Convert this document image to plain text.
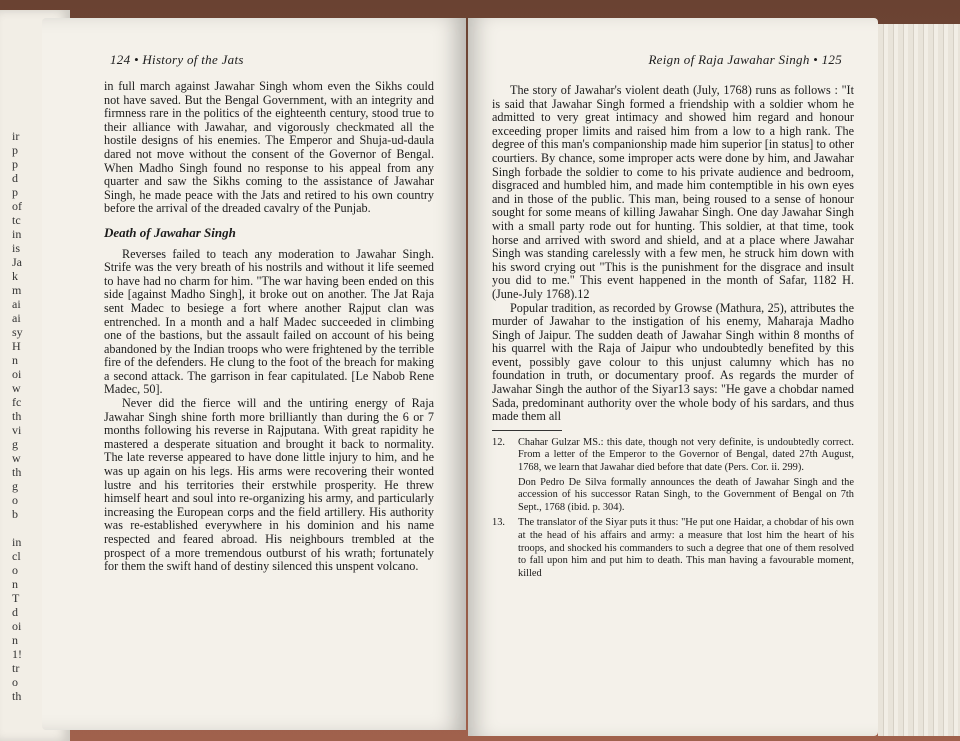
ir
p
p
d
p
of
tc
in
is
Ja
k
m
ai
ai
sy
H
n
oi
w
fc
th
vi
g
w
th
g
o
b
in
cl
o
n
T
d
oi
n
1!
tr
o
th
124 • History of the Jats

in full march against Jawahar Singh whom even the Sikhs could not have saved. But the Bengal Government, with an integrity and firmness rare in the politics of the eighteenth century, stood true to their alliance with Jawahar, and vigorously checkmated all the hostile designs of his enemies. The Emperor and Shuja-ud-daula dared not move without the consent of the Governor of Bengal. When Madho Singh found no response to his appeal from any quarter and saw the Sikhs coming to the assistance of Jawahar Singh, he made peace with the Jats and retired to his own country before the arrival of the dreaded cavalry of the Punjab.

Death of Jawahar Singh

Reverses failed to teach any moderation to Jawahar Singh. Strife was the very breath of his nostrils and without it life seemed to have had no charm for him. "The war having been ended on this side [against Madho Singh], it broke out on another. The Jat Raja sent Madec to besiege a fort where another Rajput clan was entrenched. In a month and a half Madec succeeded in climbing one of the bastions, but the assault failed on account of his being abandoned by the Indian troops who were frightened by the terrible fire of the defenders. He clung to the foot of the breach for making a second attack. The garrison in fear capitulated. [Le Nabob Rene Madec, 50].

Never did the fierce will and the untiring energy of Raja Jawahar Singh shine forth more brilliantly than during the 6 or 7 months following his reverse in Rajputana. With great rapidity he mastered a desperate situation and brought it back to normality. The late reverse appeared to have done little injury to him, and he was up again on his legs. His arms were recovering their wonted lustre and his territories their erstwhile prosperity. He threw himself heart and soul into re-organizing his army, and particularly increasing the European corps and the field artillery. His authority was re-established everywhere in his dominion and his name respected and feared abroad. His neighbours trembled at the prospect of a more tremendous outburst of his wrath; fortunately for them the swift hand of destiny silenced this unspent volcano.

Reign of Raja Jawahar Singh • 125

The story of Jawahar's violent death (July, 1768) runs as follows : "It is said that Jawahar Singh formed a friendship with a soldier whom he admitted to very great intimacy and showed him regard and honour exceeding proper limits and raised him from a low to a high rank. The degree of this man's companionship made him superior [in status] to other courtiers. By chance, some improper acts were done by him, and Jawahar Singh forbade the soldier to come to his private audience and bedroom, disgraced and humbled him, and made him contemptible in his own eyes and in those of the public. This man, being roused to a sense of honour sought for some means of killing Jawahar Singh. One day Jawahar Singh with a small party rode out for hunting. This soldier, at that time, took horse and arrived with sword and shield, and at a place where Jawahar Singh was standing carelessly with a few men, he struck him down with his sword crying out "This is the punishment for the disgrace and insult you did to me." This event happened in the month of Safar, 1182 H. (June-July 1768).12

Popular tradition, as recorded by Growse (Mathura, 25), attributes the murder of Jawahar to the instigation of his enemy, Maharaja Madho Singh of Jaipur. The sudden death of Jawahar Singh within 8 months of his quarrel with the Raja of Jaipur who undoubtedly benefited by this event, possibly gave colour to this unjust calumny which has no foundation in truth, or documentary proof. As regards the murder of Jawahar Singh the author of the Siyar13 says: "He gave a chobdar named Sada, predominant authority over the whole body of his sardars, and thus made them all

12.	Chahar Gulzar MS.: this date, though not very definite, is undoubtedly correct. From a letter of the Emperor to the Governor of Bengal, dated 27th August, 1768, we learn that Jawahar died before that date (Pers. Cor. ii. 299).

Don Pedro De Silva formally announces the death of Jawahar Singh and the accession of his successor Ratan Singh, to the Government of Bengal on 7th Sept., 1768 (ibid. p. 304).

13.	The translator of the Siyar puts it thus: "He put one Haidar, a chobdar of his own at the head of his affairs and army: a measure that lost him the heart of his troops, and shocked his commanders to such a degree that one of them resolved to fall upon him and put him to death. This man having a favourable moment, killed
